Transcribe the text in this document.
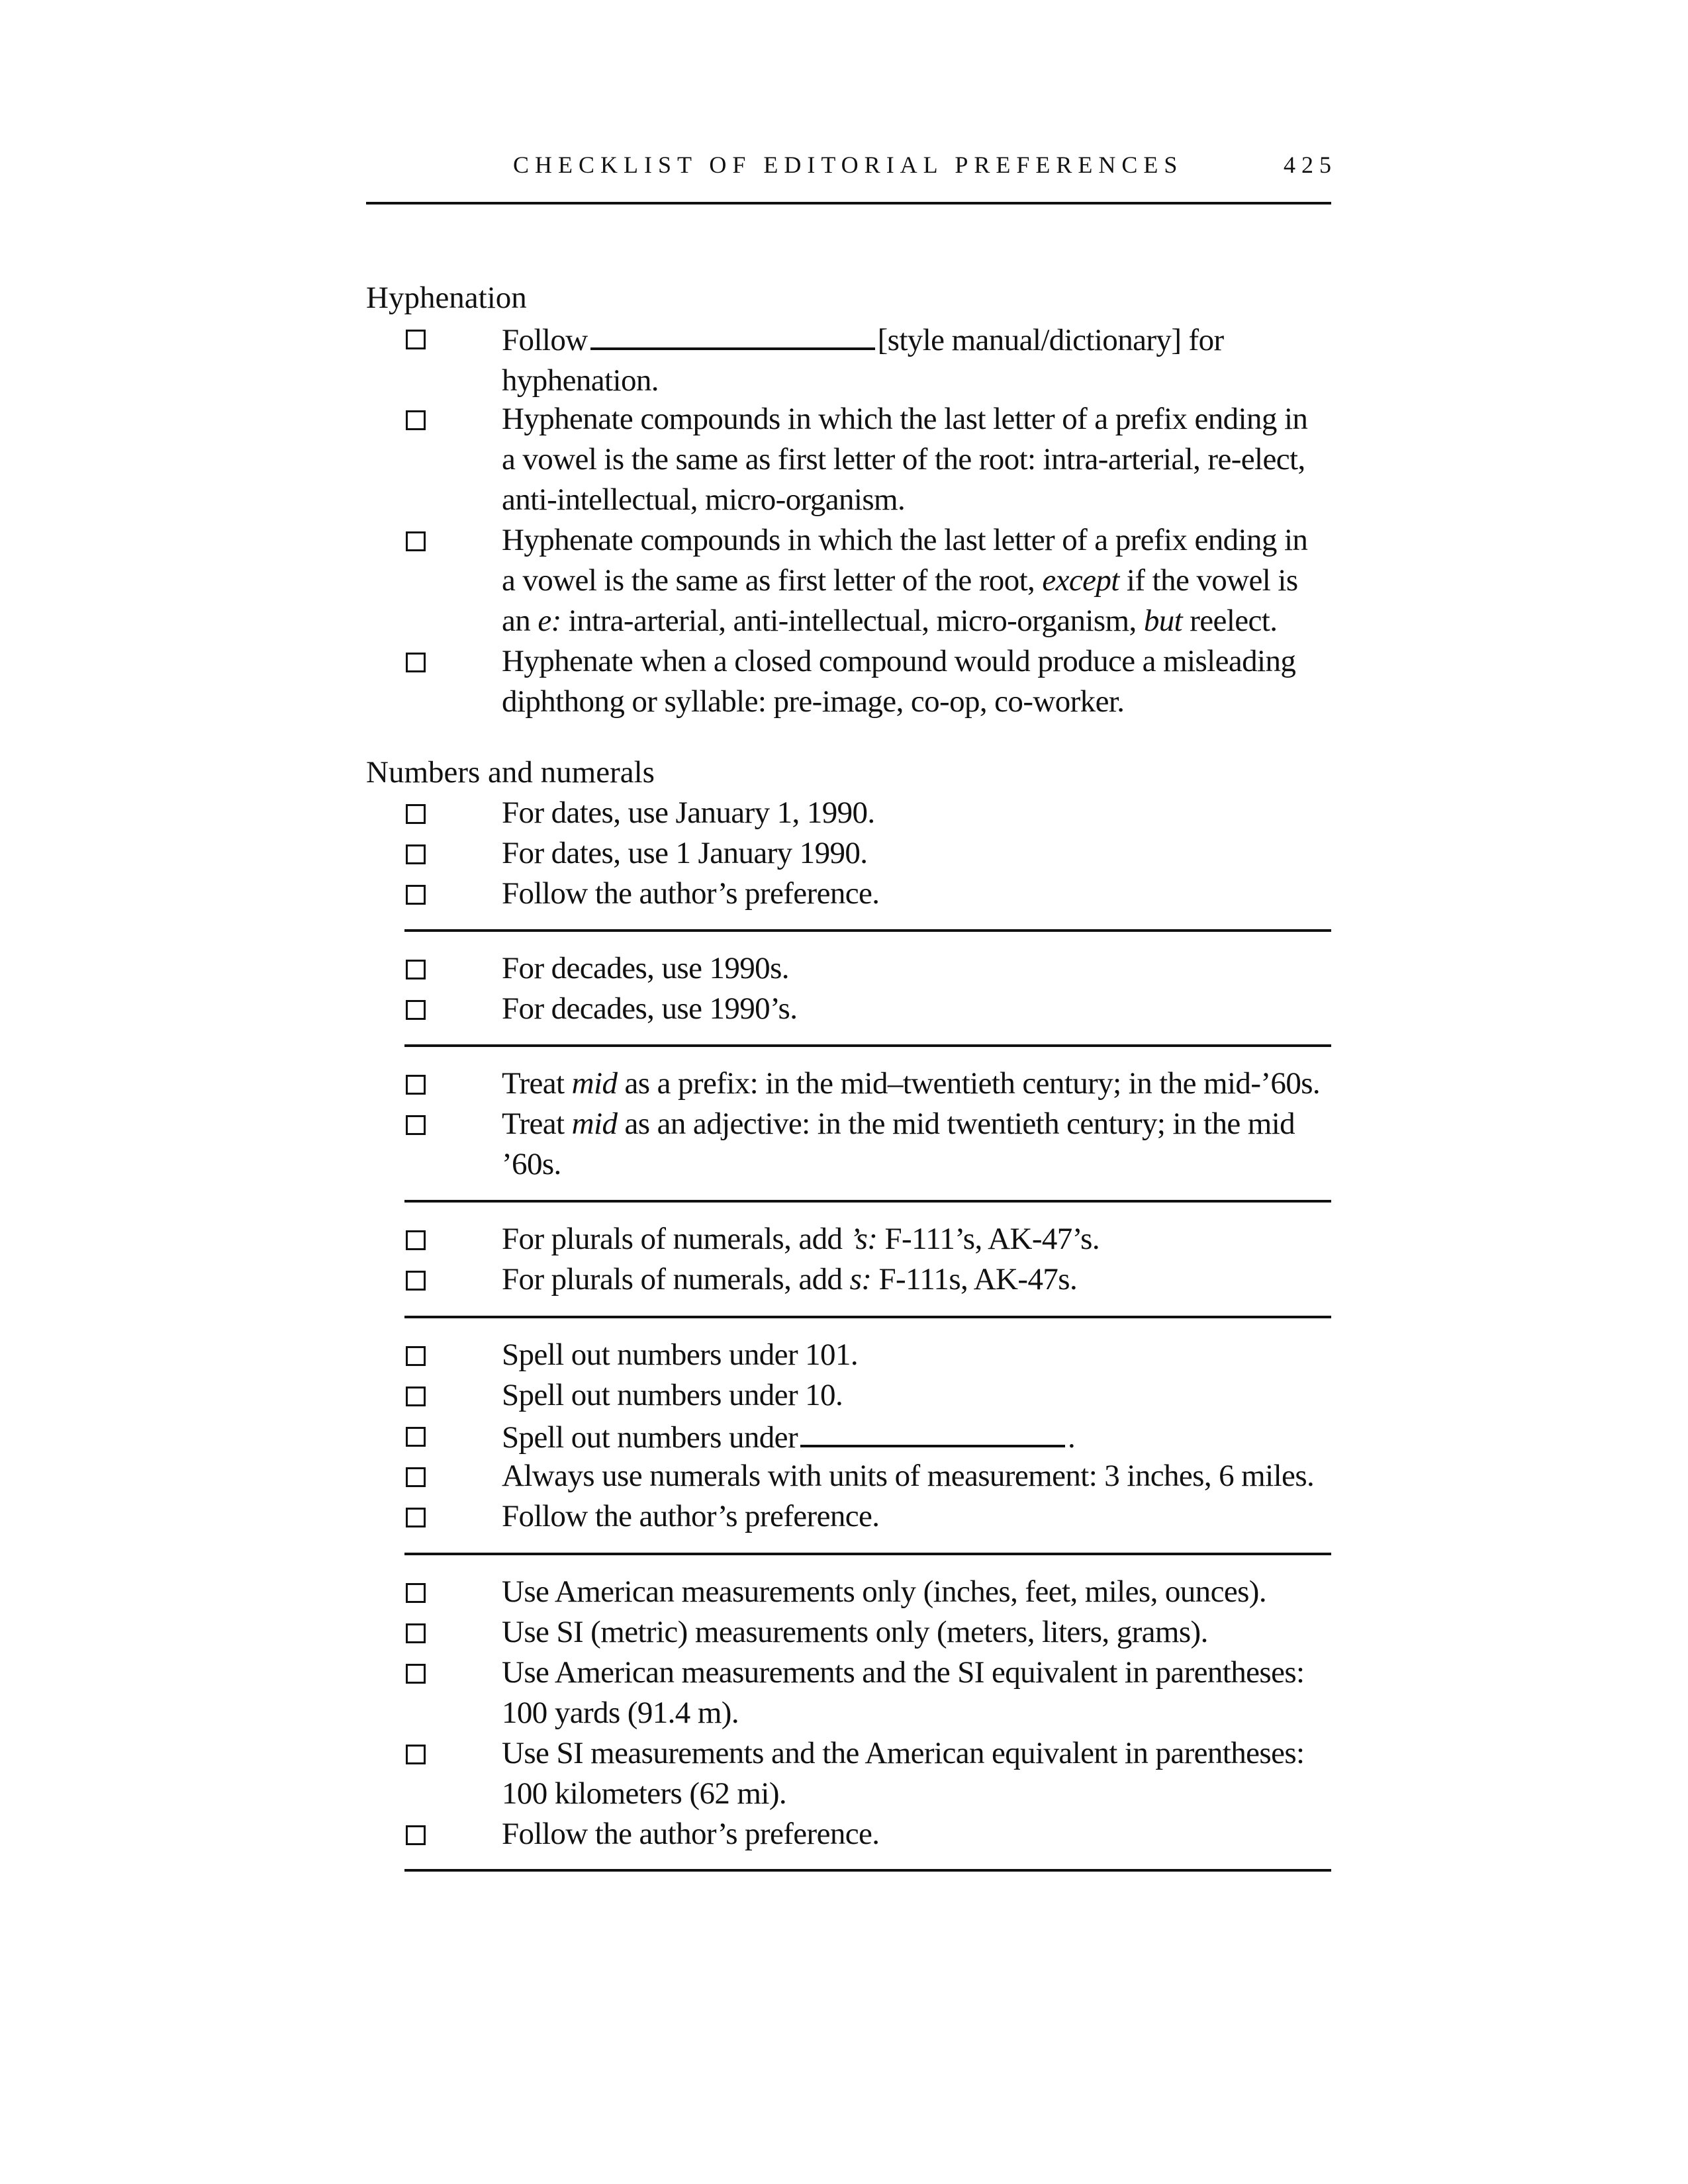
CHECKLIST OF EDITORIAL PREFERENCES	425
Hyphenation
Follow	[style manual/dictionary] for
hyphenation.
Hyphenate compounds in which the last letter of a prefix ending in
a vowel is the same as first letter of the root: intra-arterial, re-elect,
anti-intellectual, micro-organism.
Hyphenate compounds in which the last letter of a prefix ending in
a vowel is the same as first letter of the root, except if the vowel is
an e: intra-arterial, anti-intellectual, micro-organism, but reelect.
Hyphenate when a closed compound would produce a misleading
diphthong or syllable: pre-image, co-op, co-worker.
Numbers and numerals
For dates, use January 1, 1990.
For dates, use 1 January 1990.
Follow the author’s preference.
For decades, use 1990s.
For decades, use 1990’s.
Treat mid as a prefix: in the mid–twentieth century; in the mid-’60s.
Treat mid as an adjective: in the mid twentieth century; in the mid
’60s.
For plurals of numerals, add ’s: F-111’s, AK-47’s.
For plurals of numerals, add s: F-111s, AK-47s.
Spell out numbers under 101.
Spell out numbers under 10.
Spell out numbers under	.
Always use numerals with units of measurement: 3 inches, 6 miles.
Follow the author’s preference.
Use American measurements only (inches, feet, miles, ounces).
Use SI (metric) measurements only (meters, liters, grams).
Use American measurements and the SI equivalent in parentheses:
100 yards (91.4 m).
Use SI measurements and the American equivalent in parentheses:
100 kilometers (62 mi).
Follow the author’s preference.
